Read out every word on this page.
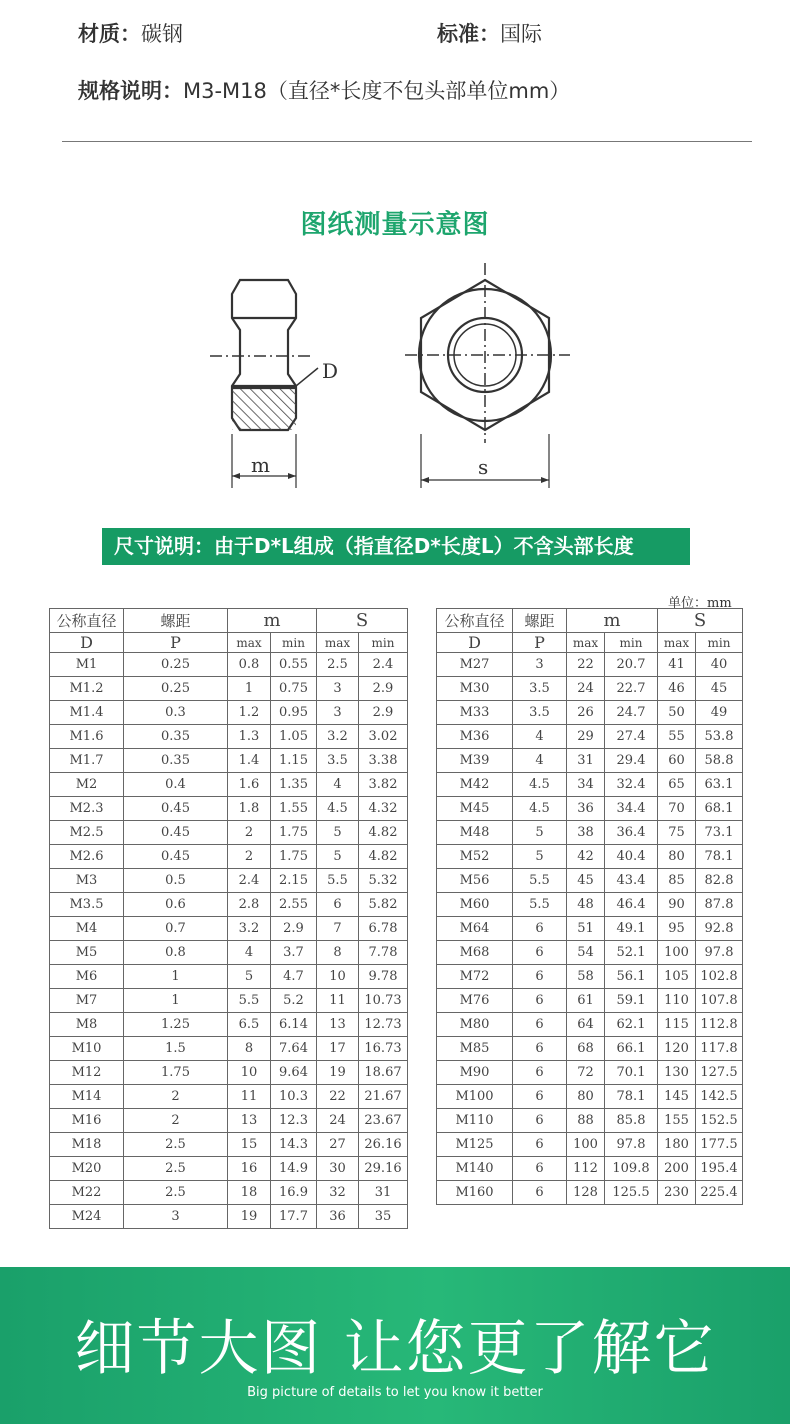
材质：碳钢	标准：国际
规格说明：M3-M18（直径*长度不包头部单位mm）
图纸测量示意图
D
m	s
尺寸说明：由于D*L组成（指直径D*长度L）不含头部长度
单位：mm
公称直径	螺距	m		S	
D	P	max	min	max	min
M1	0.25	0.8	0.55	2.5	2.4
M1.2	0.25	1	0.75	3	2.9
M1.4	0.3	1.2	0.95	3	2.9
M1.6	0.35	1.3	1.05	3.2	3.02
M1.7	0.35	1.4	1.15	3.5	3.38
M2	0.4	1.6	1.35	4	3.82
M2.3	0.45	1.8	1.55	4.5	4.32
M2.5	0.45	2	1.75	5	4.82
M2.6	0.45	2	1.75	5	4.82
M3	0.5	2.4	2.15	5.5	5.32
M3.5	0.6	2.8	2.55	6	5.82
M4	0.7	3.2	2.9	7	6.78
M5	0.8	4	3.7	8	7.78
M6	1	5	4.7	10	9.78
M7	1	5.5	5.2	11	10.73
M8	1.25	6.5	6.14	13	12.73
M10	1.5	8	7.64	17	16.73
M12	1.75	10	9.64	19	18.67
M14	2	11	10.3	22	21.67
M16	2	13	12.3	24	23.67
M18	2.5	15	14.3	27	26.16
M20	2.5	16	14.9	30	29.16
M22	2.5	18	16.9	32	31
M24	3	19	17.7	36	35
公称直径	螺距	m		S	
D	P	max	min	max	min
M27	3	22	20.7	41	40
M30	3.5	24	22.7	46	45
M33	3.5	26	24.7	50	49
M36	4	29	27.4	55	53.8
M39	4	31	29.4	60	58.8
M42	4.5	34	32.4	65	63.1
M45	4.5	36	34.4	70	68.1
M48	5	38	36.4	75	73.1
M52	5	42	40.4	80	78.1
M56	5.5	45	43.4	85	82.8
M60	5.5	48	46.4	90	87.8
M64	6	51	49.1	95	92.8
M68	6	54	52.1	100	97.8
M72	6	58	56.1	105	102.8
M76	6	61	59.1	110	107.8
M80	6	64	62.1	115	112.8
M85	6	68	66.1	120	117.8
M90	6	72	70.1	130	127.5
M100	6	80	78.1	145	142.5
M110	6	88	85.8	155	152.5
M125	6	100	97.8	180	177.5
M140	6	112	109.8	200	195.4
M160	6	128	125.5	230	225.4
细节大图 让您更了解它
Big picture of details to let you know it better
